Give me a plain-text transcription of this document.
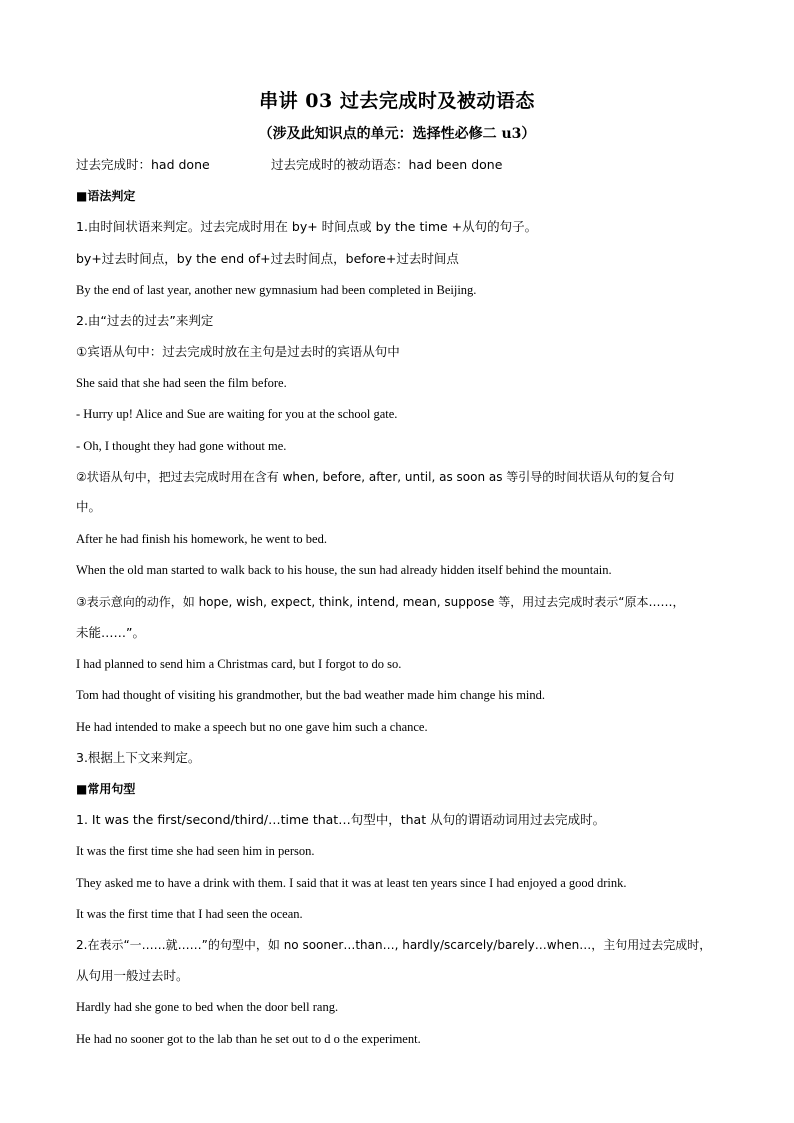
串讲 03 过去完成时及被动语态
（涉及此知识点的单元：选择性必修二 u3）
过去完成时：had done	过去完成时的被动语态：had been done
■语法判定
1.由时间状语来判定。过去完成时用在 by+ 时间点或 by the time +从句的句子。
by+过去时间点，by the end of+过去时间点，before+过去时间点
By the end of last year, another new gymnasium had been completed in Beijing.
2.由“过去的过去”来判定
①宾语从句中：过去完成时放在主句是过去时的宾语从句中
She said that she had seen the film before.
- Hurry up! Alice and Sue are waiting for you at the school gate.
- Oh, I thought they had gone without me.
②状语从句中，把过去完成时用在含有 when, before, after, until, as soon as 等引导的时间状语从句的复合句
中。
After he had finish his homework, he went to bed.
When the old man started to walk back to his house, the sun had already hidden itself behind the mountain.
③表示意向的动作，如 hope, wish, expect, think, intend, mean, suppose 等，用过去完成时表示“原本……，
未能……”。
I had planned to send him a Christmas card, but I forgot to do so.
Tom had thought of visiting his grandmother, but the bad weather made him change his mind.
He had intended to make a speech but no one gave him such a chance.
3.根据上下文来判定。
■常用句型
1. It was the first/second/third/…time that…句型中，that 从句的谓语动词用过去完成时。
It was the first time she had seen him in person.
They asked me to have a drink with them. I said that it was at least ten years since I had enjoyed a good drink.
It was the first time that I had seen the ocean.
2.在表示“一……就……”的句型中，如 no sooner…than…, hardly/scarcely/barely…when…，主句用过去完成时，
从句用一般过去时。
Hardly had she gone to bed when the door bell rang.
He had no sooner got to the lab than he set out to d o the experiment.
